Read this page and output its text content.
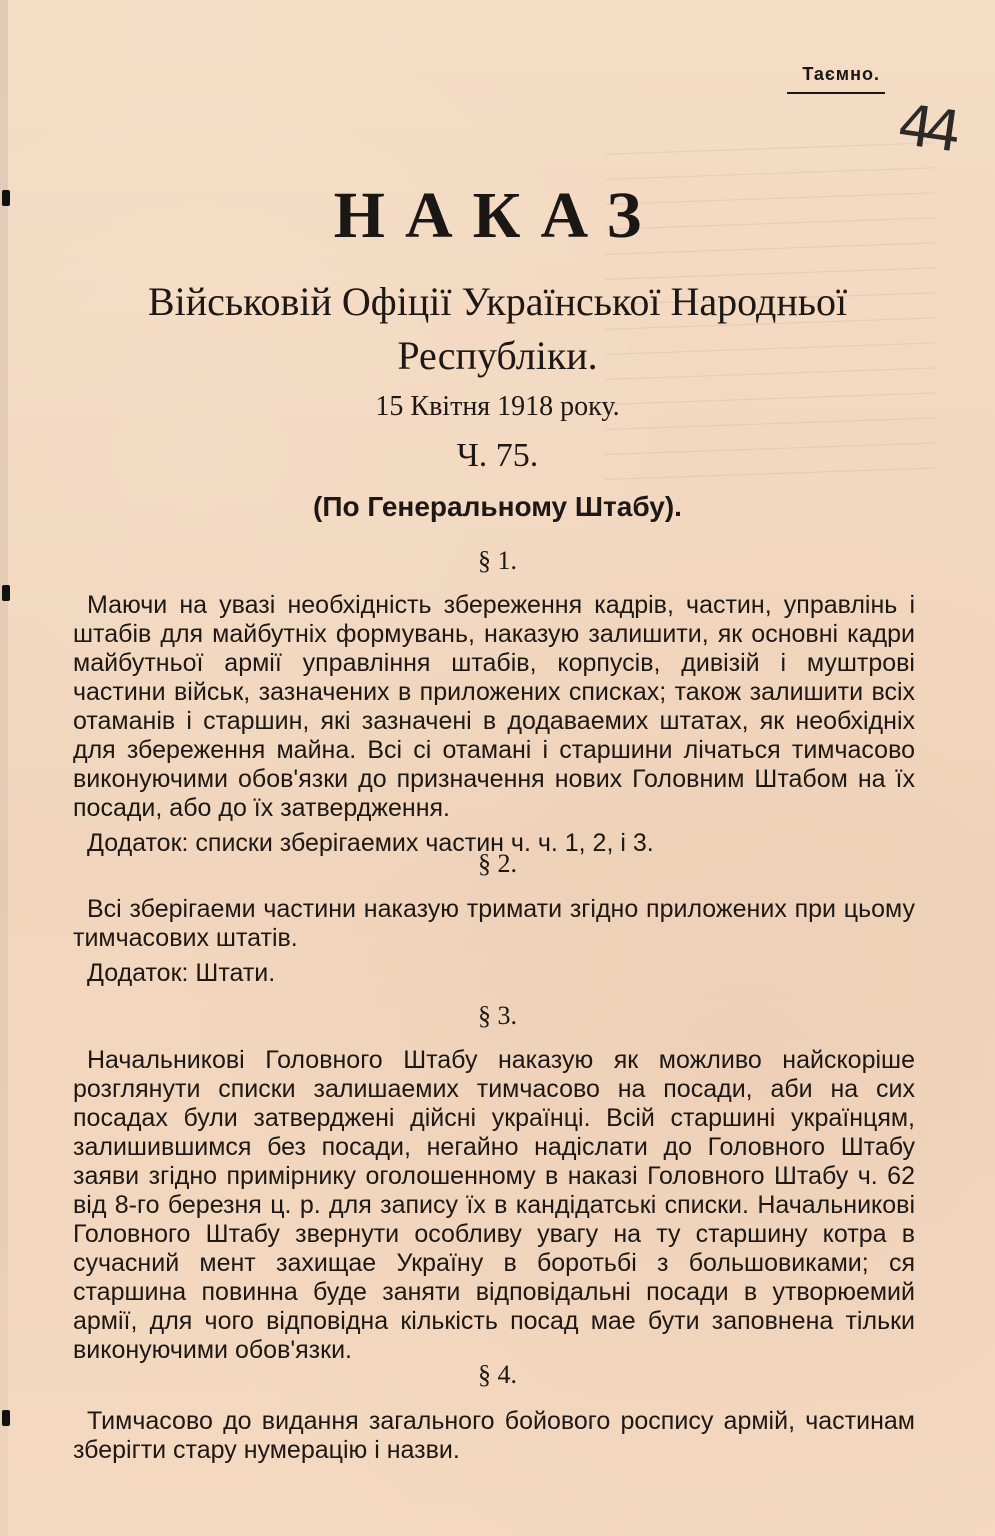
Таємно.
44
НАКАЗ
Військовій Офіції Української Народньої
Республіки.
15 Квітня 1918 року.
Ч. 75.
(По Генеральному Штабу).
§ 1.

Маючи на увазі необхідність збереження кадрів, частин, управлінь і штабів для майбутніх формувань, наказую залишити, як основні кадри майбутньої армії управління штабів, корпусів, дивізій і муштрові частини військ, зазначених в приложених списках; також залишити всіх отаманів і старшин, які зазначені в додаваемих штатах, як необхідніх для збереження майна. Всі сі отамані і старшини лічаться тимчасово виконуючими обов'язки до призначення нових Головним Штабом на їх посади, або до їх затвердження.

Додаток: списки зберігаемих частин ч. ч. 1, 2, і 3.

§ 2.

Всі зберігаеми частини наказую тримати згідно приложених при цьому тимчасових штатів.

Додаток: Штати.

§ 3.

Начальникові Головного Штабу наказую як можливо найскоріше розглянути списки залишаемих тимчасово на посади, аби на сих посадах були затверджені дійсні українці. Всій старшині українцям, залишившимся без посади, негайно надіслати до Головного Штабу заяви згідно примірнику оголошенному в наказі Головного Штабу ч. 62 від 8-го березня ц. р. для запису їх в кандідатські списки. Начальникові Головного Штабу звернути особливу увагу на ту старшину котра в сучасний мент захищае Україну в боротьбі з большовиками; ся старшина повинна буде заняти відповідальні посади в утворюемий армії, для чого відповідна кількість посад мае бути заповнена тільки виконуючими обов'язки.

§ 4.

Тимчасово до видання загального бойового роспису армій, частинам зберігти стару нумерацію і назви.
